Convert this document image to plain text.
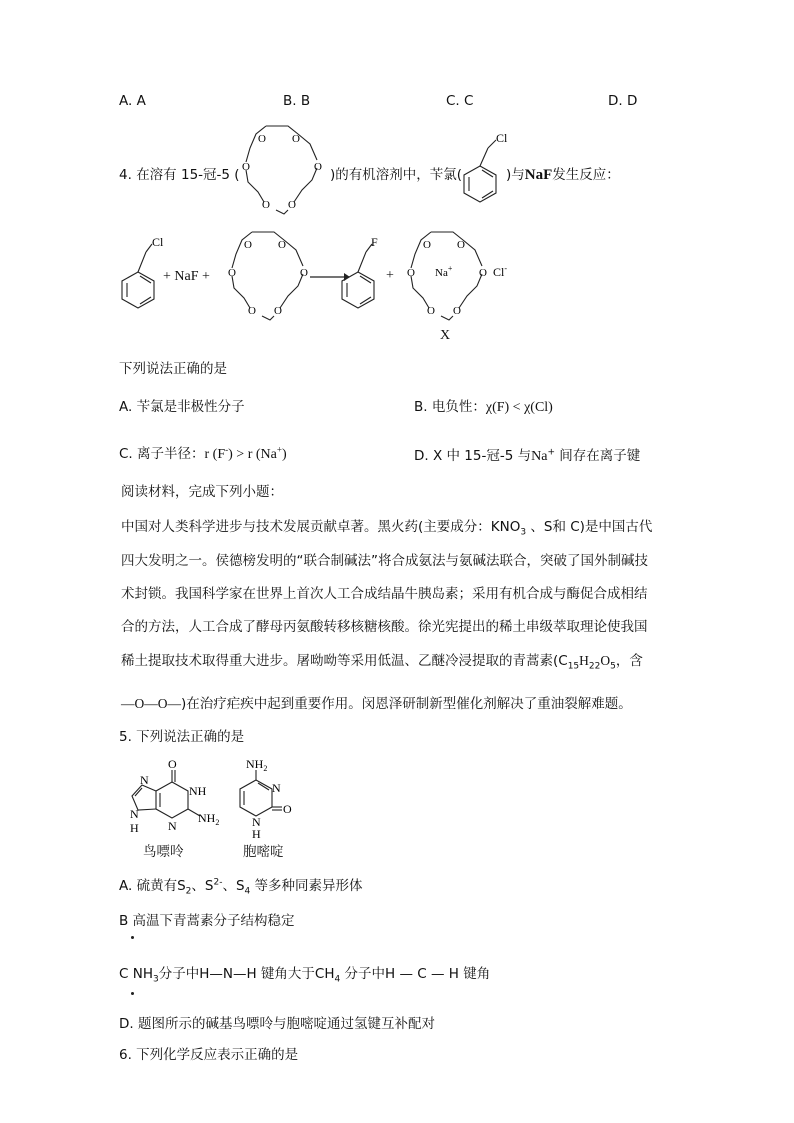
A. A	B. B	C. C	D. D
4. 在溶有 15-冠-5 (	)的有机溶剂中，苄氯(	)与NaF发生反应：
O O
O	O
O O
Cl
Cl
+ NaF +
O O
O	O
O O
F
+
O O
O	O
O O
Na+	Cl-
X
下列说法正确的是
A. 苄氯是非极性分子	B. 电负性：χ(F) < χ(Cl)
C. 离子半径：r (F-) > r (Na+)	D. X 中 15-冠-5 与Na+ 间存在离子键
阅读材料，完成下列小题：
中国对人类科学进步与技术发展贡献卓著。黑火药(主要成分：$KNO_3$ 、S和 C)是中国古代
四大发明之一。侯德榜发明的“联合制碱法”将合成氨法与氨碱法联合，突破了国外制碱技
术封锁。我国科学家在世界上首次人工合成结晶牛胰岛素；采用有机合成与酶促合成相结
合的方法，人工合成了酵母丙氨酸转移核糖核酸。徐光宪提出的稀土串级萃取理论使我国
稀土提取技术取得重大进步。屠呦呦等采用低温、乙醚冷浸提取的青蒿素($C_{15}H_{22}O_5$，含
—O—O—)在治疗疟疾中起到重要作用。闵恩泽研制新型催化剂解决了重油裂解难题。
5. 下列说法正确的是
O
NH
N
N
N
H
$NH_2$
鸟嘌呤
$NH_2$
N
O
N
H
胞嘧啶
A. 硫黄有$S_2$、$S^{2-}$、$S_4$ 等多种同素异形体
B 高温下青蒿素分子结构稳定
C $NH_3$分子中H—N—H 键角大于$CH_4$ 分子中H — C — H 键角
D. 题图所示的碱基鸟嘌呤与胞嘧啶通过氢键互补配对
6. 下列化学反应表示正确的是
